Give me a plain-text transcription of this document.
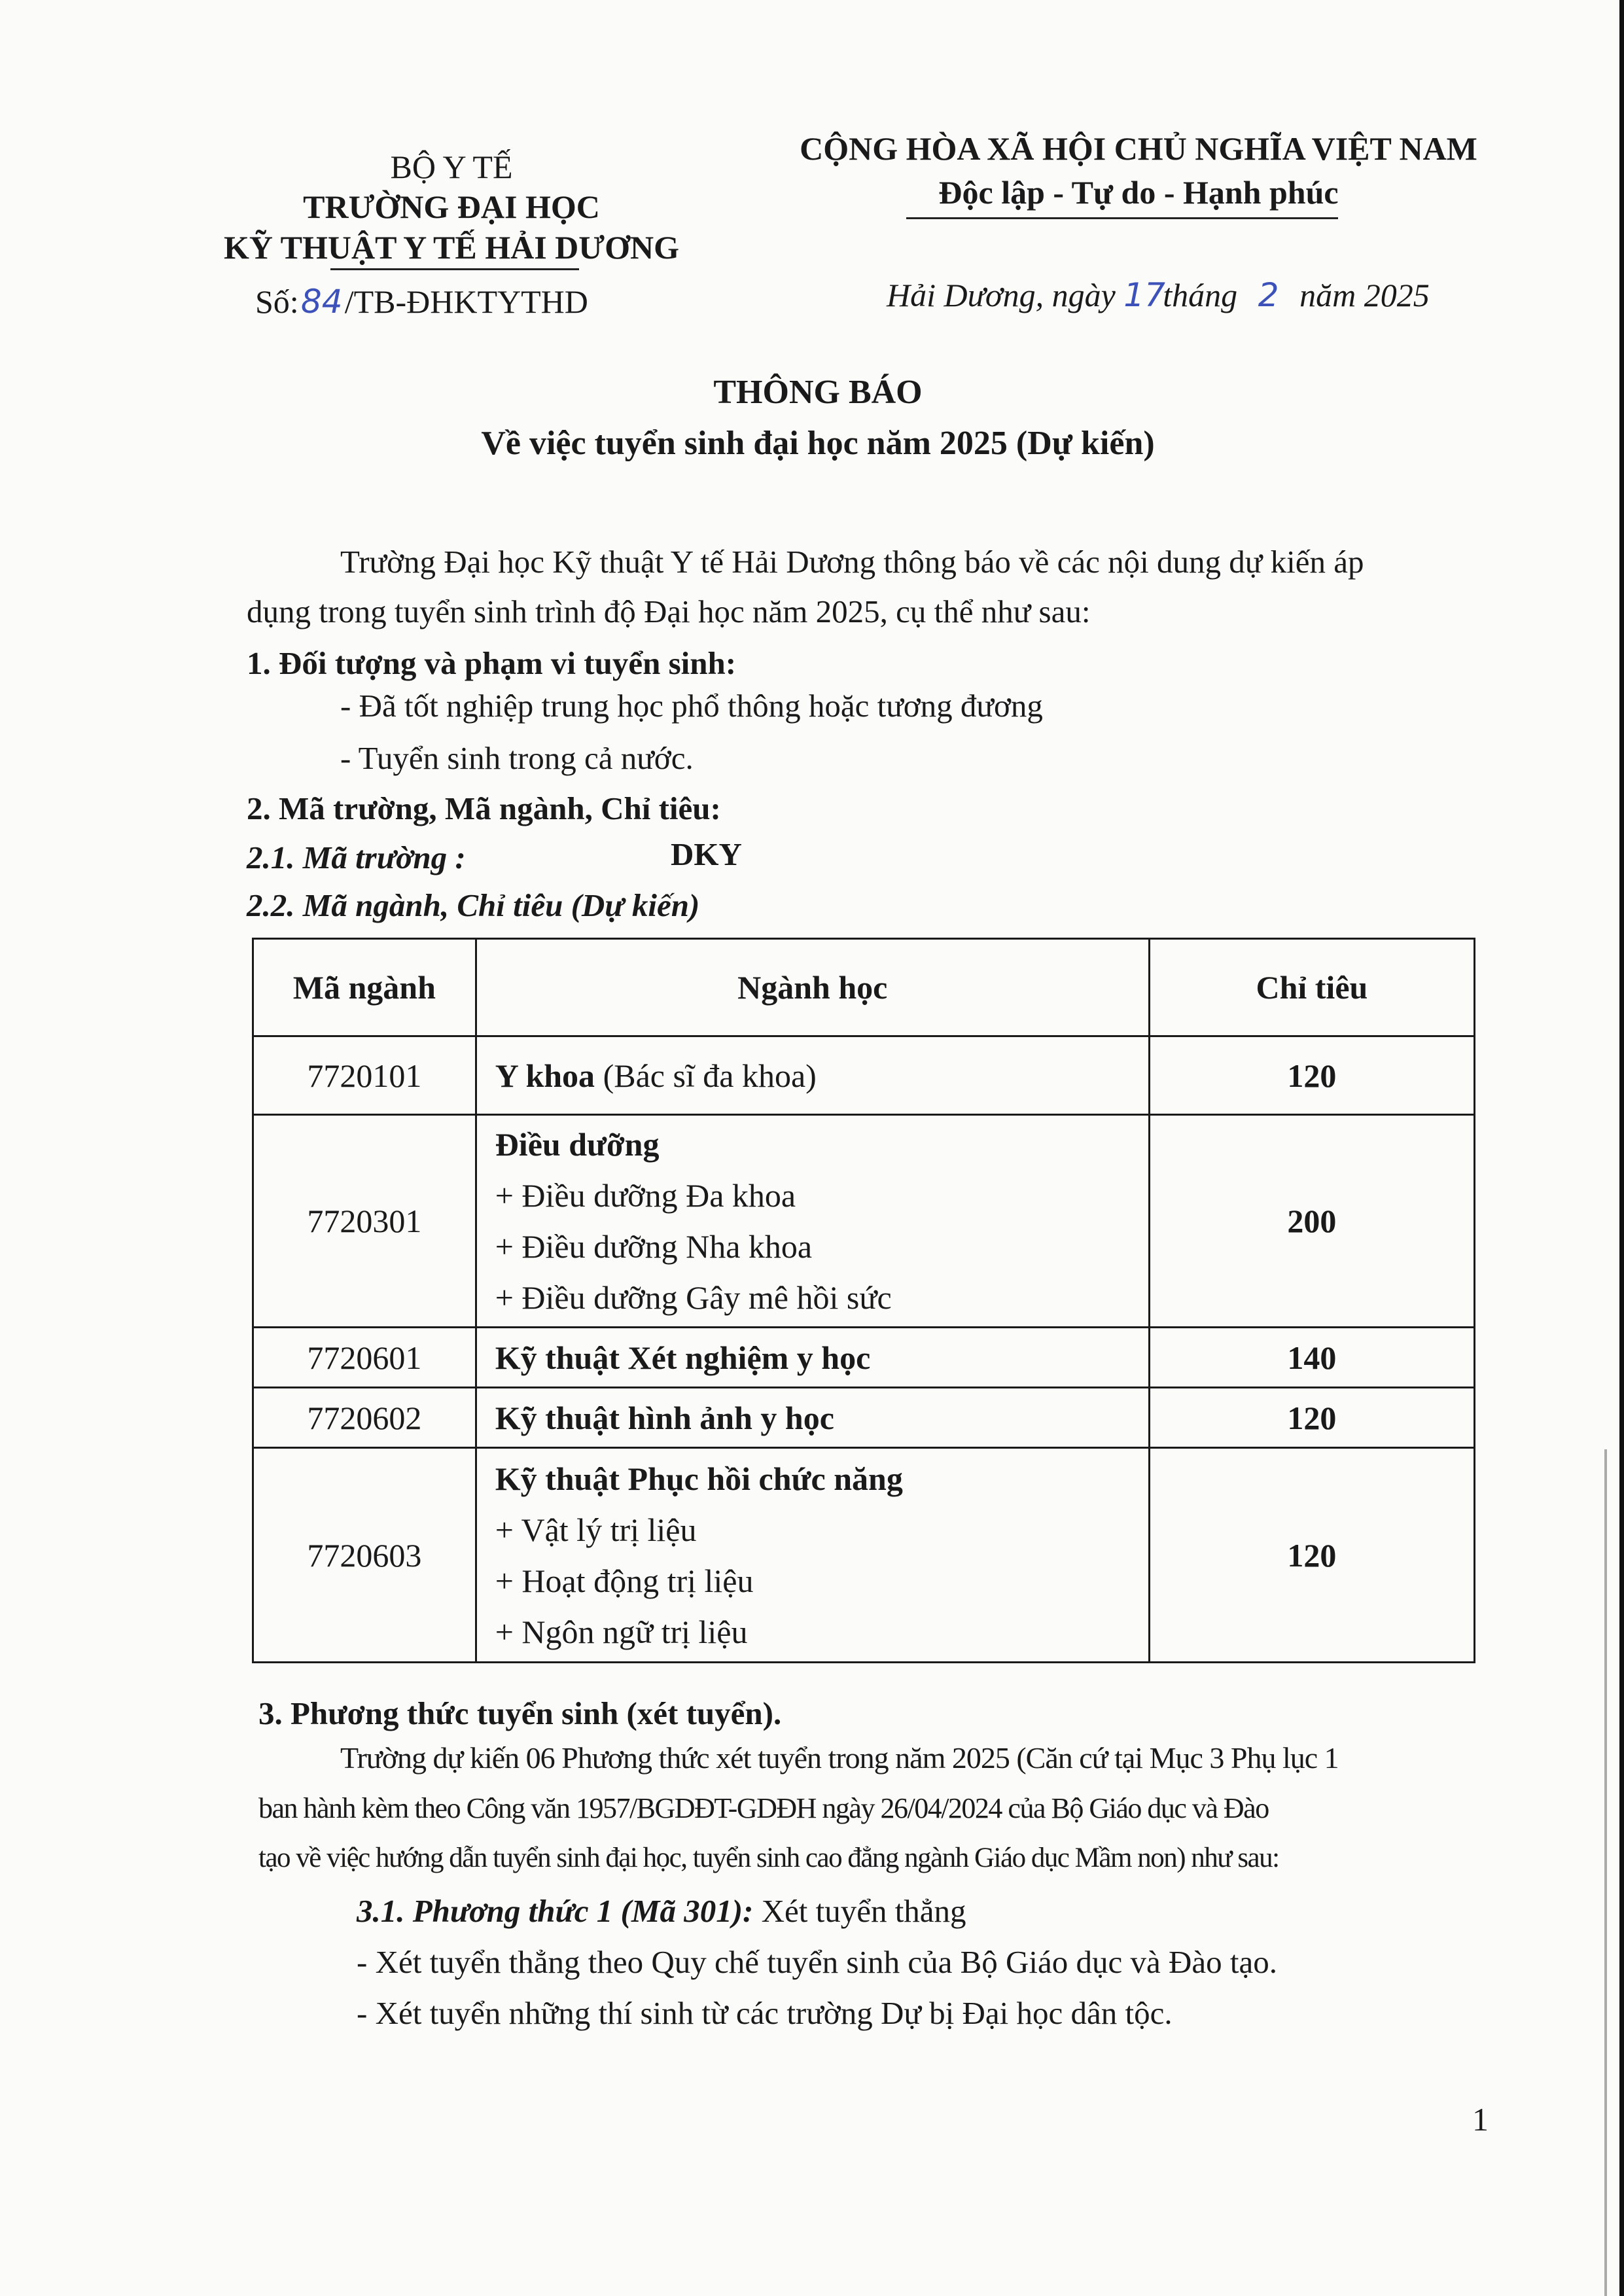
BỘ Y TẾ
TRƯỜNG ĐẠI HỌC
KỸ THUẬT Y TẾ HẢI DƯƠNG
Số:84/TB-ĐHKTYTHD
CỘNG HÒA XÃ HỘI CHỦ NGHĨA VIỆT NAM
Độc lập - Tự do - Hạnh phúc
Hải Dương, ngày 17tháng 2 năm 2025
THÔNG BÁO
Về việc tuyển sinh đại học năm 2025 (Dự kiến)
Trường Đại học Kỹ thuật Y tế Hải Dương thông báo về các nội dung dự kiến áp
dụng trong tuyển sinh trình độ Đại học năm 2025, cụ thể như sau:
1. Đối tượng và phạm vi tuyển sinh:
- Đã tốt nghiệp trung học phổ thông hoặc tương đương
- Tuyển sinh trong cả nước.
2. Mã trường, Mã ngành, Chỉ tiêu:
2.1. Mã trường :	DKY
2.2. Mã ngành, Chỉ tiêu (Dự kiến)
Mã ngành	Ngành học	Chỉ tiêu
7720101	Y khoa (Bác sĩ đa khoa)	120
7720301	Điều dưỡng
+ Điều dưỡng Đa khoa
+ Điều dưỡng Nha khoa
+ Điều dưỡng Gây mê hồi sức	200
7720601	Kỹ thuật Xét nghiệm y học	140
7720602	Kỹ thuật hình ảnh y học	120
7720603	Kỹ thuật Phục hồi chức năng
+ Vật lý trị liệu
+ Hoạt động trị liệu
+ Ngôn ngữ trị liệu	120
3. Phương thức tuyển sinh (xét tuyển).
Trường dự kiến 06 Phương thức xét tuyển trong năm 2025 (Căn cứ tại Mục 3 Phụ lục 1
ban hành kèm theo Công văn 1957/BGDĐT-GDĐH ngày 26/04/2024 của Bộ Giáo dục và Đào
tạo về việc hướng dẫn tuyển sinh đại học, tuyển sinh cao đẳng ngành Giáo dục Mầm non) như sau:
3.1. Phương thức 1 (Mã 301): Xét tuyển thẳng
- Xét tuyển thẳng theo Quy chế tuyển sinh của Bộ Giáo dục và Đào tạo.
- Xét tuyển những thí sinh từ các trường Dự bị Đại học dân tộc.
1
